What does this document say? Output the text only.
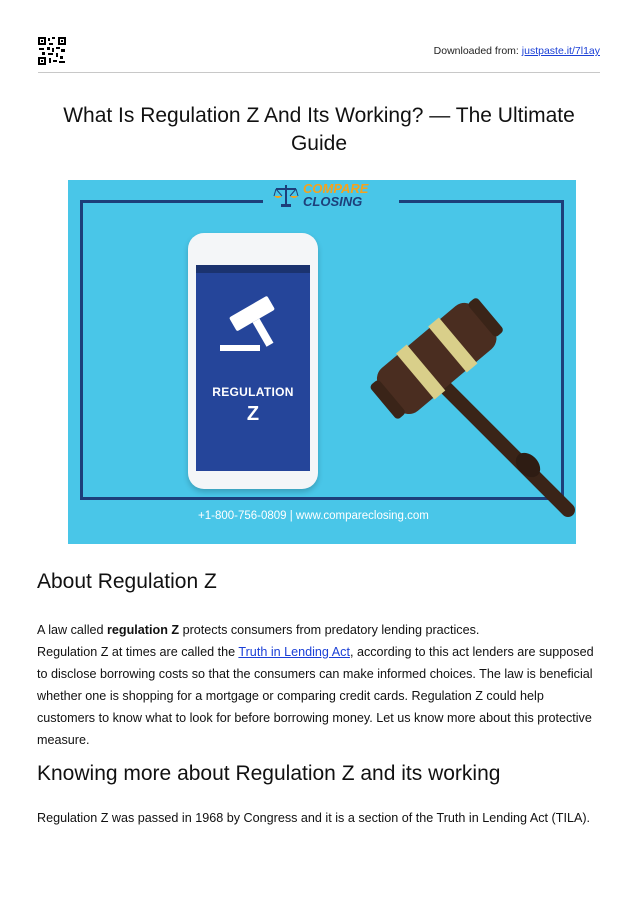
Downloaded from: justpaste.it/7l1ay
What Is Regulation Z And Its Working? — The Ultimate Guide
COMPARE
CLOSING
REGULATION
Z
+1-800-756-0809 | www.compareclosing.com
About Regulation Z

A law called regulation Z protects consumers from predatory lending practices.

Regulation Z at times are called the Truth in Lending Act, according to this act lenders are supposed to disclose borrowing costs so that the consumers can make informed choices. The law is beneficial whether one is shopping for a mortgage or comparing credit cards. Regulation Z could help customers to know what to look for before borrowing money. Let us know more about this protective measure.

Knowing more about Regulation Z and its working

Regulation Z was passed in 1968 by Congress and it is a section of the Truth in Lending Act (TILA).
